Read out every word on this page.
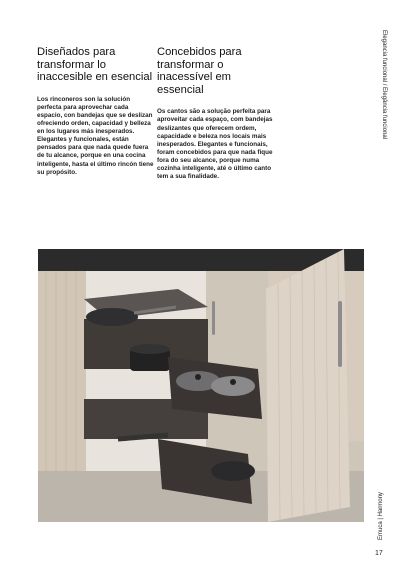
Diseñados para transformar lo inaccesible en esencial

Los rinconeros son la solución perfecta para aprovechar cada espacio, con bandejas que se deslizan ofreciendo orden, capacidad y belleza en los lugares más inesperados. Elegantes y funcionales, están pensados para que nada quede fuera de tu alcance, porque en una cocina inteligente, hasta el último rincón tiene su propósito.

Concebidos para transformar o inacessível em essencial

Os cantos são a solução perfeita para aproveitar cada espaço, com bandejas deslizantes que oferecem ordem, capacidade e beleza nos locais mais inesperados. Elegantes e funcionais, foram concebidos para que nada fique fora do seu alcance, porque numa cozinha inteligente, até o último canto tem a sua finalidade.

Elegancia funcional / Elegância funcional
Emuca | Harmony
17
